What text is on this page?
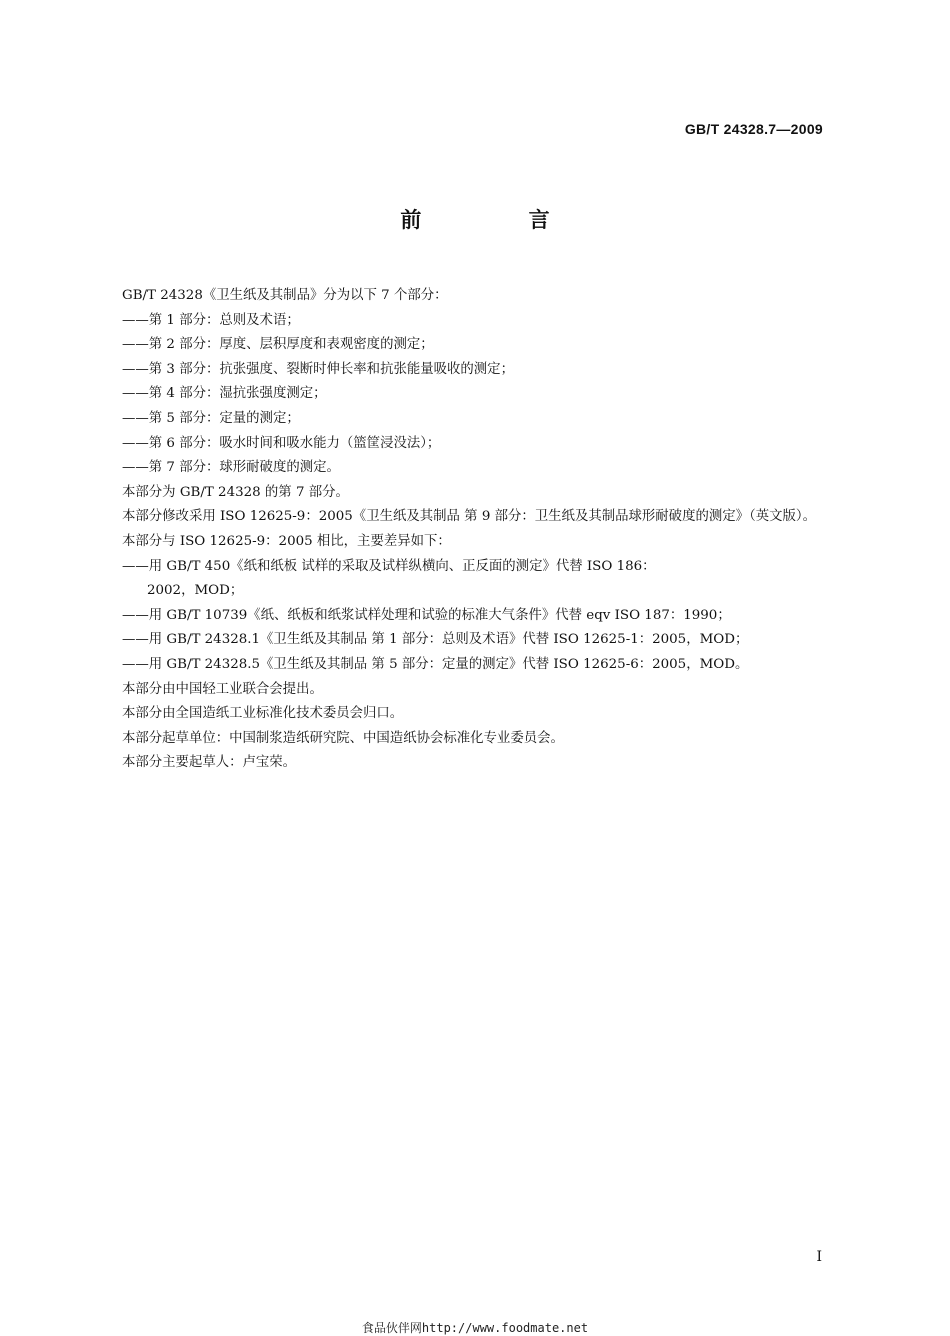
GB/T 24328.7—2009
前 言

GB/T 24328《卫生纸及其制品》分为以下 7 个部分：

——第 1 部分：总则及术语；

——第 2 部分：厚度、层积厚度和表观密度的测定；

——第 3 部分：抗张强度、裂断时伸长率和抗张能量吸收的测定；

——第 4 部分：湿抗张强度测定；

——第 5 部分：定量的测定；

——第 6 部分：吸水时间和吸水能力（篮筐浸没法）；

——第 7 部分：球形耐破度的测定。

本部分为 GB/T 24328 的第 7 部分。

本部分修改采用 ISO 12625-9：2005《卫生纸及其制品 第 9 部分：卫生纸及其制品球形耐破度的测定》（英文版）。

本部分与 ISO 12625-9：2005 相比，主要差异如下：

——用 GB/T 450《纸和纸板 试样的采取及试样纵横向、正反面的测定》代替 ISO 186：

2002，MOD；

——用 GB/T 10739《纸、纸板和纸浆试样处理和试验的标准大气条件》代替 eqv ISO 187：1990；

——用 GB/T 24328.1《卫生纸及其制品 第 1 部分：总则及术语》代替 ISO 12625-1：2005，MOD；

——用 GB/T 24328.5《卫生纸及其制品 第 5 部分：定量的测定》代替 ISO 12625-6：2005，MOD。

本部分由中国轻工业联合会提出。

本部分由全国造纸工业标准化技术委员会归口。

本部分起草单位：中国制浆造纸研究院、中国造纸协会标准化专业委员会。

本部分主要起草人：卢宝荣。

I
食品伙伴网http://www.foodmate.net
